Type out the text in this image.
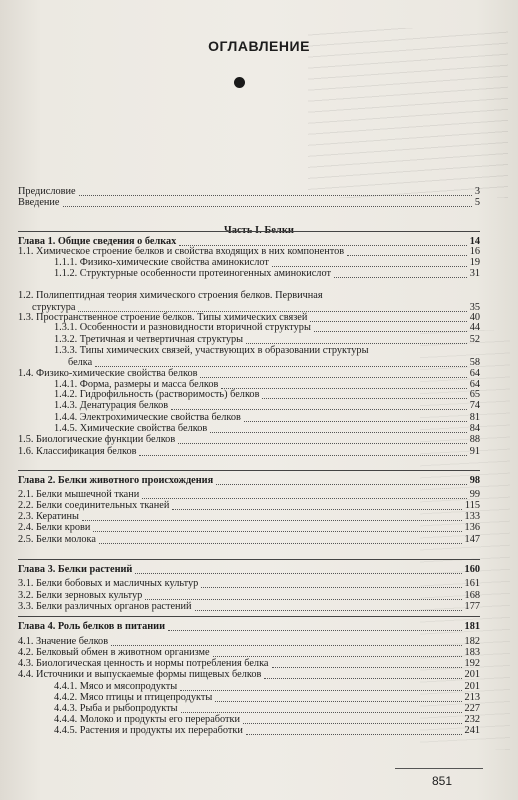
ОГЛАВЛЕНИЕ
Часть I. Белки
Предисловие	3
Введение	5
Глава 1. Общие сведения о белках	14
1.1. Химическое строение белков и свойства входящих в них компонентов	16
1.1.1. Физико-химические свойства аминокислот	19
1.1.2. Структурные особенности протеиногенных аминокислот	31
1.2. Полипептидная теория химического строения белков. Первичная
структура	35
1.3. Пространственное строение белков. Типы химических связей	40
1.3.1. Особенности и разновидности вторичной структуры	44
1.3.2. Третичная и четвертичная структуры	52
1.3.3. Типы химических связей, участвующих в образовании структуры
белка	58
1.4. Физико-химические свойства белков	64
1.4.1. Форма, размеры и масса белков	64
1.4.2. Гидрофильность (растворимость) белков	65
1.4.3. Денатурация белков	74
1.4.4. Электрохимические свойства белков	81
1.4.5. Химические свойства белков	84
1.5. Биологические функции белков	88
1.6. Классификация белков	91
Глава 2. Белки животного происхождения	98
2.1. Белки мышечной ткани	99
2.2. Белки соединительных тканей	115
2.3. Кератины	133
2.4. Белки крови	136
2.5. Белки молока	147
Глава 3. Белки растений	160
3.1. Белки бобовых и масличных культур	161
3.2. Белки зерновых культур	168
3.3. Белки различных органов растений	177
Глава 4. Роль белков в питании	181
4.1. Значение белков	182
4.2. Белковый обмен в животном организме	183
4.3. Биологическая ценность и нормы потребления белка	192
4.4. Источники и выпускаемые формы пищевых белков	201
4.4.1. Мясо и мясопродукты	201
4.4.2. Мясо птицы и птицепродукты	213
4.4.3. Рыба и рыбопродукты	227
4.4.4. Молоко и продукты его переработки	232
4.4.5. Растения и продукты их переработки	241
851
